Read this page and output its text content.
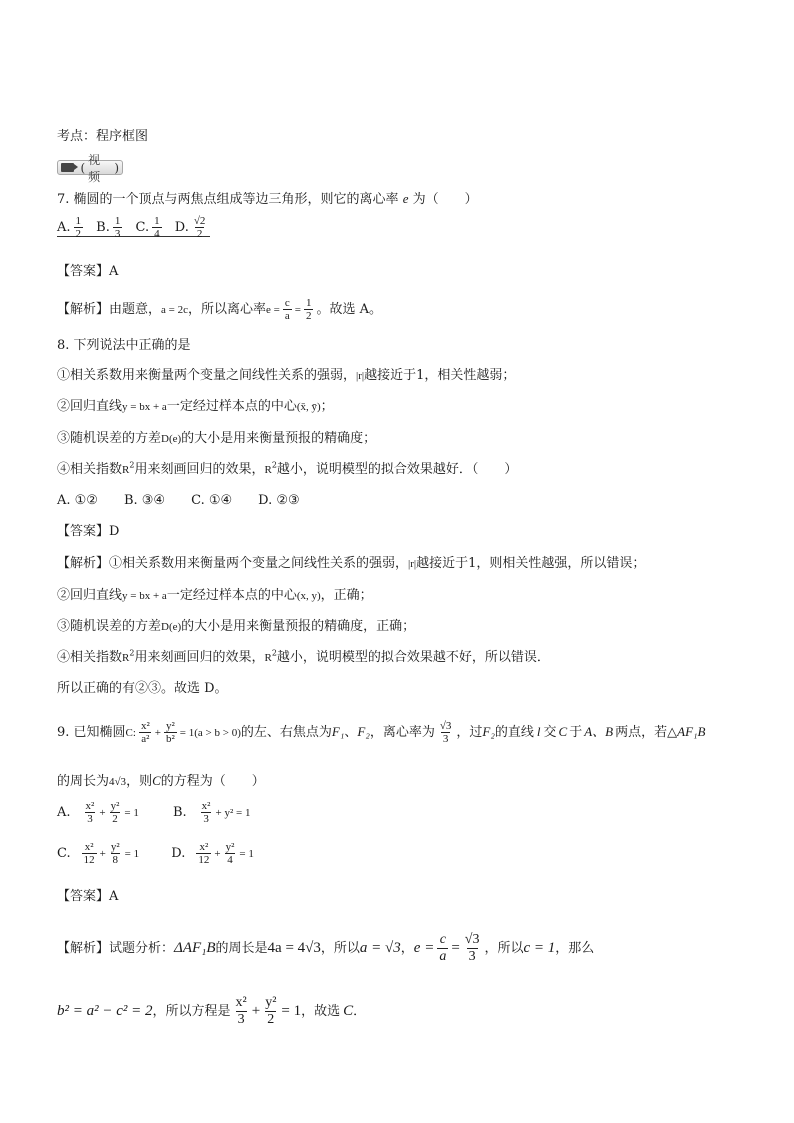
考点：程序框图
(
视频
)
7. 椭圆的一个顶点与两焦点组成等边三角形，则它的离心率 e 为（　　）
A. $\frac{1}{2} B$. $\frac{1}{3} C$. $\frac{1}{4} D$. $\frac{√2}{2}$
【答案】A
【解析】由题意，a = 2c，所以离心率$e = \frac{c}{a} = \frac{1}{2}$ 。故选 A。
8. 下列说法中正确的是
①相关系数用来衡量两个变量之间线性关系的强弱，|r|越接近于1，相关性越弱；
②回归直线y = bx + a一定经过样本点的中心(x̄, ȳ)；
③随机误差的方差D(e)的大小是用来衡量预报的精确度；
④相关指数$R^2$用来刻画回归的效果，$R^2$越小，说明模型的拟合效果越好．（　　）
A. ①②　　B. ③④　　C. ①④　　D. ②③
【答案】D
【解析】①相关系数用来衡量两个变量之间线性关系的强弱，|r|越接近于1，则相关性越强，所以错误；
②回归直线y = bx + a一定经过样本点的中心(x, y)，正确；
③随机误差的方差D(e)的大小是用来衡量预报的精确度，正确；
④相关指数$R^2$用来刻画回归的效果，$R^2$越小，说明模型的拟合效果越不好，所以错误．
所以正确的有②③。故选 D。
9. 已知椭圆C: $\frac{\text{x²}}{\text{a²}} + \frac{\text{y²}}{\text{b²}} = 1(a > b > 0)$的左、右焦点为F₁、F₂，离心率为 $\frac{√3}{3}$ ，过F₂的直线 l 交 C 于 A、B 两点，若△AF₁B
的周长为4√3，则C的方程为（　　）
A. $\frac{\text{x²}}{3} + \frac{\text{y²}}{2} = 1$	B. $\frac{\text{x²}}{3} + y^2 = 1$
C. $\frac{\text{x²}}{12} + \frac{\text{y²}}{8} = 1$ D. $\frac{\text{x²}}{12} + \frac{\text{y²}}{4} = 1$
【答案】A
【解析】试题分析：ΔAF₁B的周长是4a = 4√3，所以a = √3，$e = \frac{c}{a} = \frac{√3}{3}$ ，所以c = 1，那么
b² = a² − c² = 2，所以方程是 $\frac{\text{x²}}{3} + \frac{\text{y²}}{2} = 1$，故选 C．
